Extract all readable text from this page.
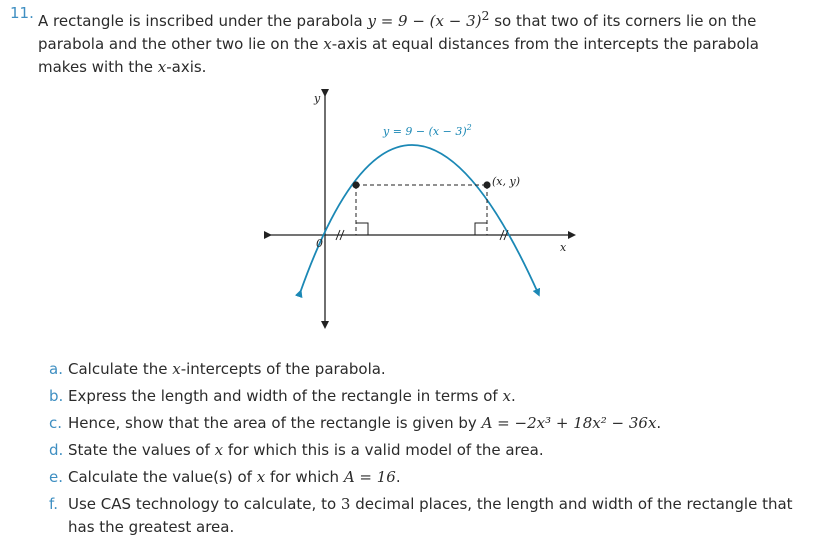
11. A rectangle is inscribed under the parabola $y = 9 - (x - 3)^2$ so that two of its corners lie on the parabola and the other two lie on the x-axis at equal distances from the intercepts the parabola makes with the x-axis.
y
x
0
$y = 9 - (x - 3)^2$
(x, y)
a. Calculate the x-intercepts of the parabola.
b. Express the length and width of the rectangle in terms of x.
c. Hence, show that the area of the rectangle is given by A = −2x³ + 18x² − 36x.
d. State the values of x for which this is a valid model of the area.
e. Calculate the value(s) of x for which A = 16.
f. Use CAS technology to calculate, to 3 decimal places, the length and width of the rectangle that has the greatest area.
